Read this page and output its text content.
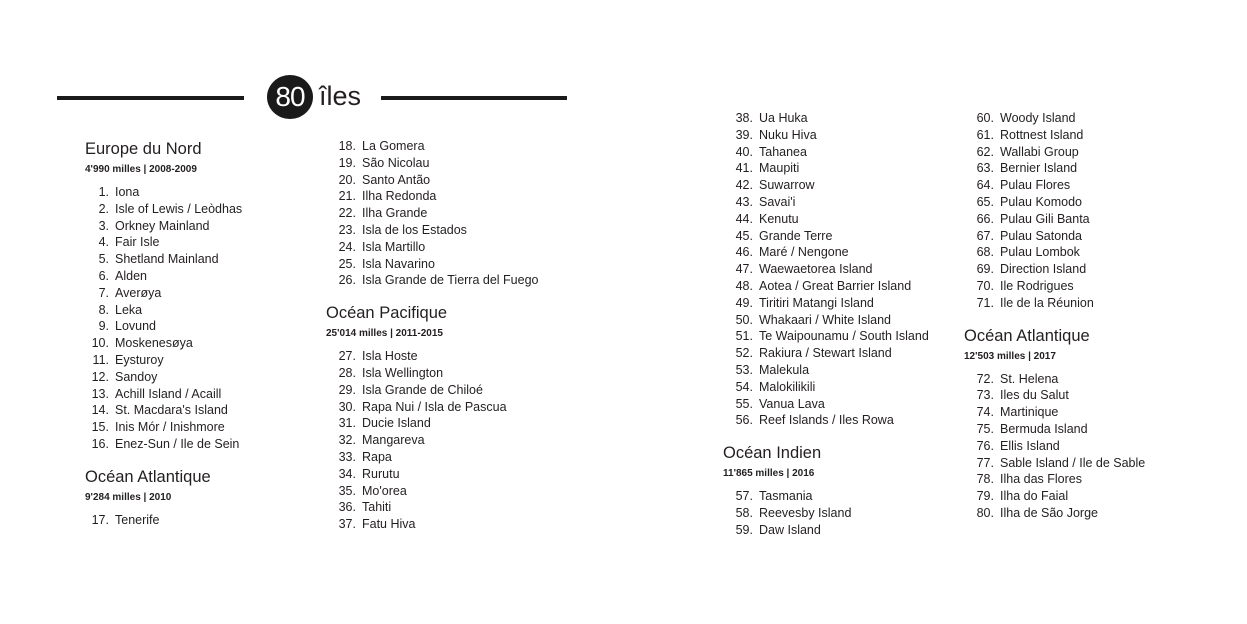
80 îles
Europe du Nord
4'990 milles | 2008-2009
1. Iona
2. Isle of Lewis / Leòdhas
3. Orkney Mainland
4. Fair Isle
5. Shetland Mainland
6. Alden
7. Averøya
8. Leka
9. Lovund
10. Moskenesøya
11. Eysturoy
12. Sandoy
13. Achill Island / Acaill
14. St. Macdara's Island
15. Inis Mór / Inishmore
16. Enez-Sun / Ile de Sein
Océan Atlantique
9'284 milles | 2010
17. Tenerife
18. La Gomera
19. São Nicolau
20. Santo Antão
21. Ilha Redonda
22. Ilha Grande
23. Isla de los Estados
24. Isla Martillo
25. Isla Navarino
26. Isla Grande de Tierra del Fuego
Océan Pacifique
25'014 milles | 2011-2015
27. Isla Hoste
28. Isla Wellington
29. Isla Grande de Chiloé
30. Rapa Nui / Isla de Pascua
31. Ducie Island
32. Mangareva
33. Rapa
34. Rurutu
35. Mo'orea
36. Tahiti
37. Fatu Hiva
38. Ua Huka
39. Nuku Hiva
40. Tahanea
41. Maupiti
42. Suwarrow
43. Savai'i
44. Kenutu
45. Grande Terre
46. Maré / Nengone
47. Waewaetorea Island
48. Aotea / Great Barrier Island
49. Tiritiri Matangi Island
50. Whakaari / White Island
51. Te Waipounamu / South Island
52. Rakiura / Stewart Island
53. Malekula
54. Malokilikili
55. Vanua Lava
56. Reef Islands / Iles Rowa
Océan Indien
11'865 milles | 2016
57. Tasmania
58. Reevesby Island
59. Daw Island
60. Woody Island
61. Rottnest Island
62. Wallabi Group
63. Bernier Island
64. Pulau Flores
65. Pulau Komodo
66. Pulau Gili Banta
67. Pulau Satonda
68. Pulau Lombok
69. Direction Island
70. Ile Rodrigues
71. Ile de la Réunion
Océan Atlantique
12'503 milles | 2017
72. St. Helena
73. Iles du Salut
74. Martinique
75. Bermuda Island
76. Ellis Island
77. Sable Island / Ile de Sable
78. Ilha das Flores
79. Ilha do Faial
80. Ilha de São Jorge
